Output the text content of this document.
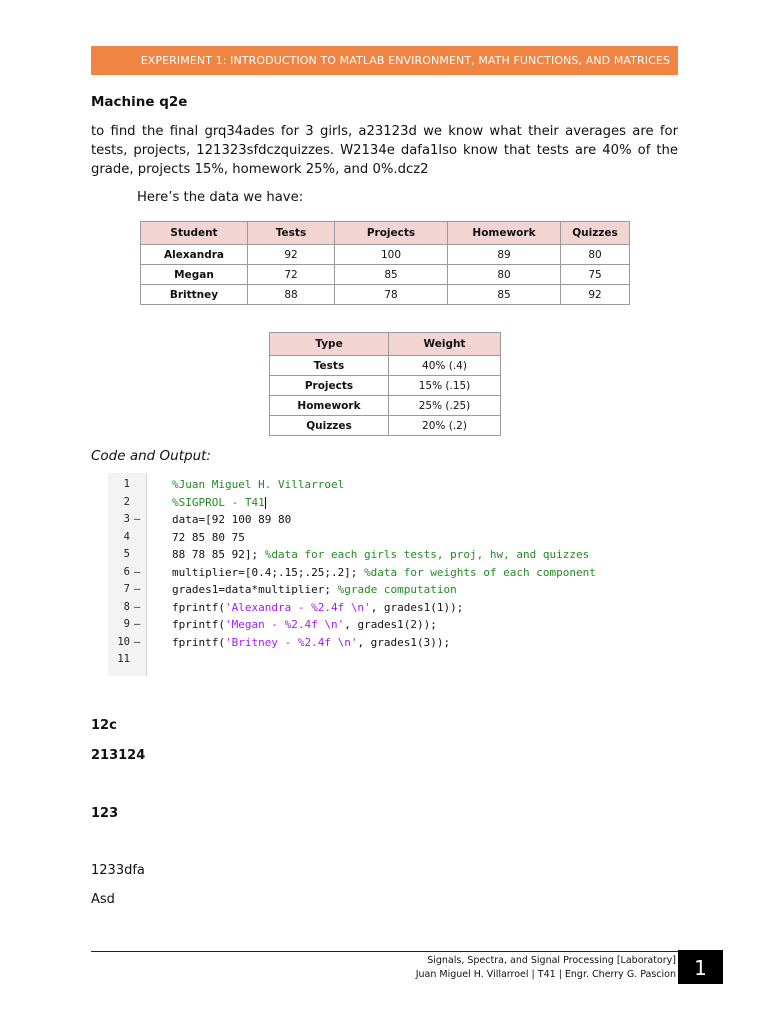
EXPERIMENT 1: INTRODUCTION TO MATLAB ENVIRONMENT, MATH FUNCTIONS, AND MATRICES
Machine q2e
to find the final grq34ades for 3 girls, a23123d we know what their averages are for tests, projects, 121323sfdczquizzes. W2134e dafa1lso know that tests are 40% of the grade, projects 15%, homework 25%, and 0%.dcz2
Here’s the data we have:
Student	Tests	Projects	Homework	Quizzes
Alexandra	92	100	89	80
Megan	72	85	80	75
Brittney	88	78	85	92
Type	Weight
Tests	40% (.4)
Projects	15% (.15)
Homework	25% (.25)
Quizzes	20% (.2)
Code and Output:
1	%Juan Miguel H. Villarroel
2	%SIGPROL - T41
3 –	data=[92 100 89 80
4	72 85 80 75
5	88 78 85 92]; %data for each girls tests, proj, hw, and quizzes
6 –	multiplier=[0.4;.15;.25;.2]; %data for weights of each component
7 –	grades1=data*multiplier; %grade computation
8 –	fprintf('Alexandra - %2.4f \n', grades1(1));
9 –	fprintf('Megan - %2.4f \n', grades1(2));
10 –	fprintf('Britney - %2.4f \n', grades1(3));
11
12c
213124
123
1233dfa
Asd
Signals, Spectra, and Signal Processing [Laboratory]
Juan Miguel H. Villarroel | T41 | Engr. Cherry G. Pascion 1
